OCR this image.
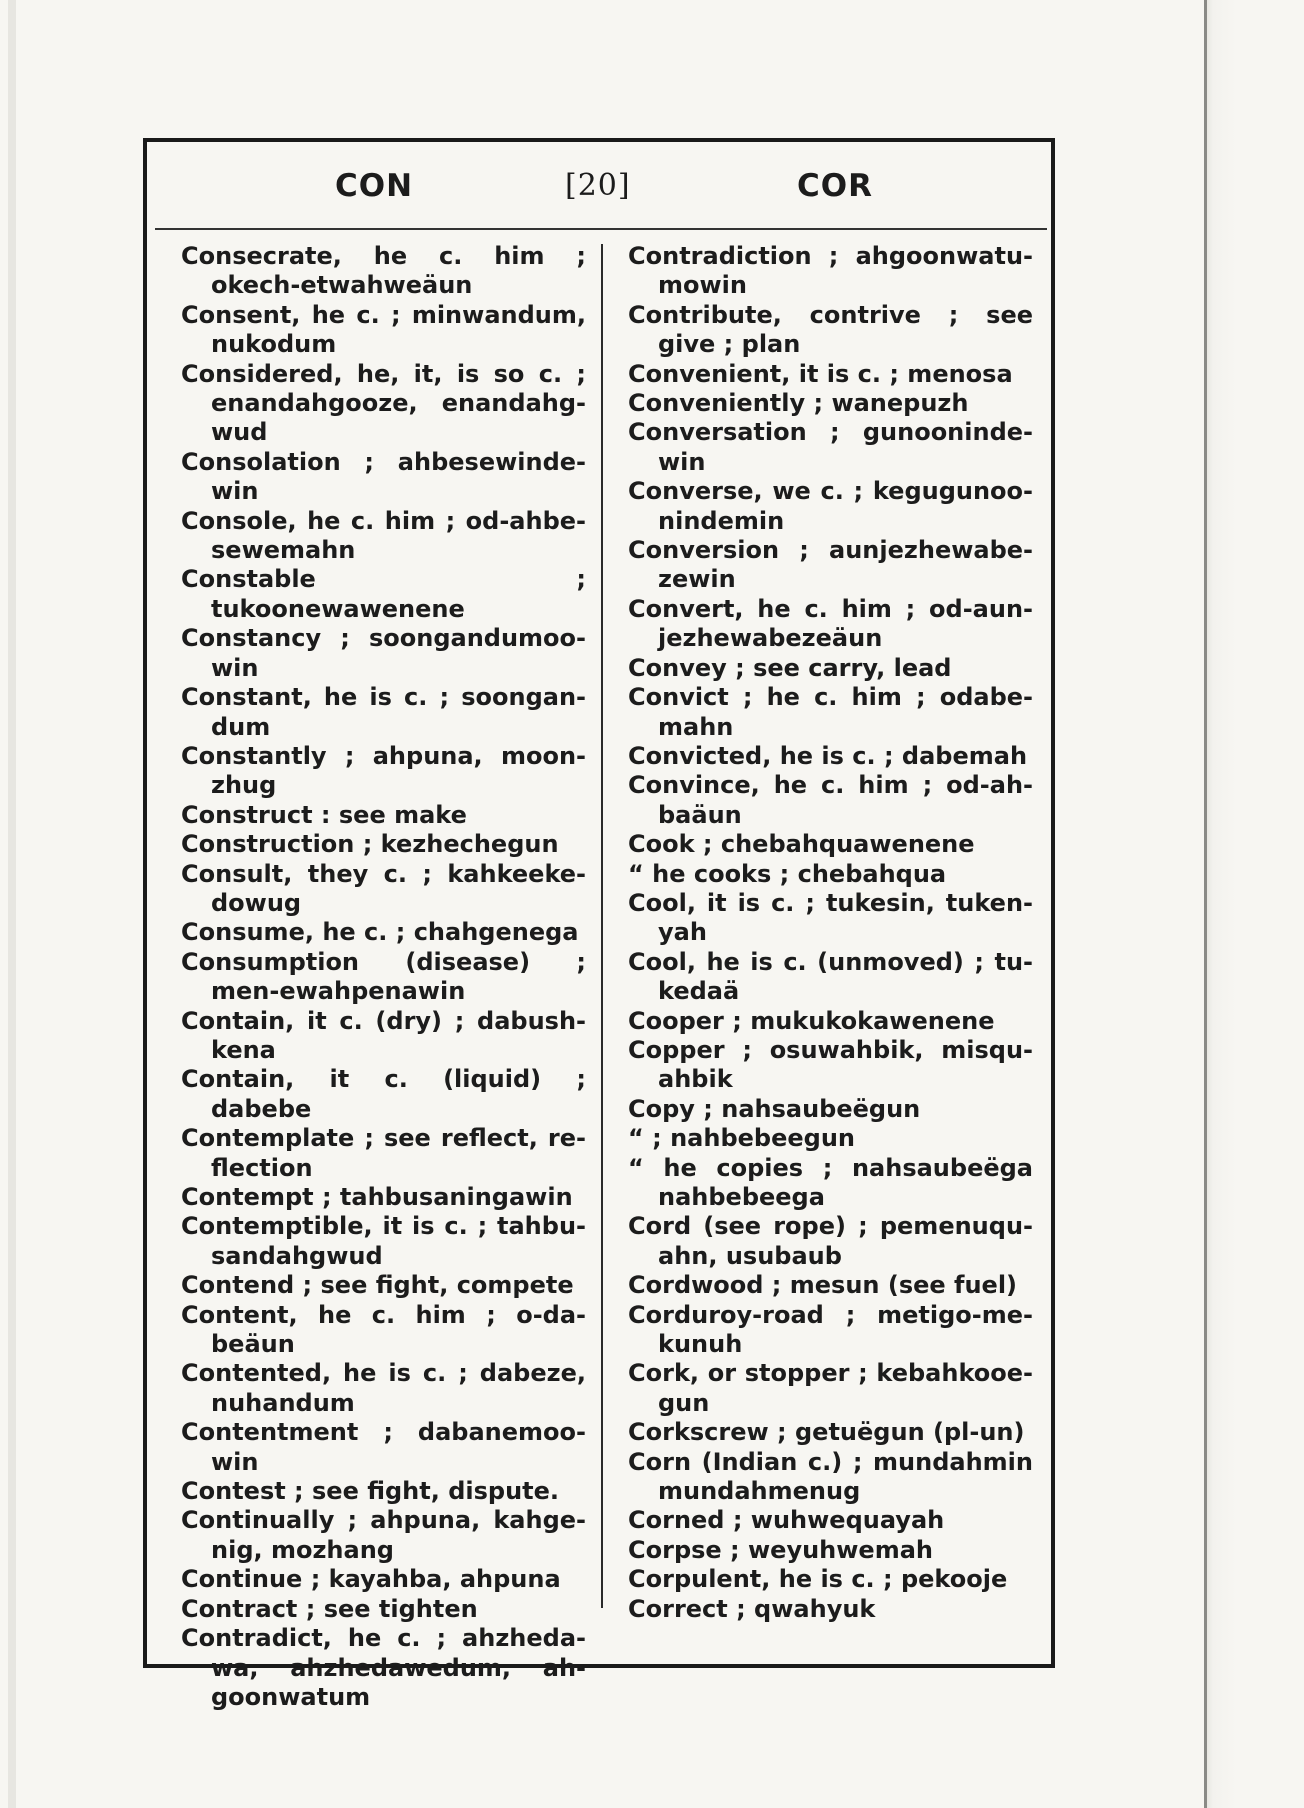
CON	[20]	COR

Consecrate, he c. him ; okech-etwahweäun

Consent, he c. ; minwandum, nukodum

Considered, he, it, is so c. ; enandahgooze, enandahg-wud

Consolation ; ahbesewinde-win

Console, he c. him ; od-ahbe-sewemahn

Constable ; tukoonewawenene

Constancy ; soongandumoo-win

Constant, he is c. ; soongan-dum

Constantly ; ahpuna, moon-zhug

Construct : see make

Construction ; kezhechegun

Consult, they c. ; kahkeeke-dowug

Consume, he c. ; chahgenega

Consumption (disease) ; men-ewahpenawin

Contain, it c. (dry) ; dabush-kena

Contain, it c. (liquid) ; dabebe

Contemplate ; see reflect, re-flection

Contempt ; tahbusaningawin

Contemptible, it is c. ; tahbu-sandahgwud

Contend ; see fight, compete

Content, he c. him ; o-da-beäun

Contented, he is c. ; dabeze, nuhandum

Contentment ; dabanemoo-win

Contest ; see fight, dispute.

Continually ; ahpuna, kahge-nig, mozhang

Continue ; kayahba, ahpuna

Contract ; see tighten

Contradict, he c. ; ahzheda-wa, ahzhedawedum, ah-goonwatum

Contradiction ; ahgoonwatu-mowin

Contribute, contrive ; see give ; plan

Convenient, it is c. ; menosa

Conveniently ; wanepuzh

Conversation ; gunooninde-win

Converse, we c. ; kegugunoo-nindemin

Conversion ; aunjezhewabe-zewin

Convert, he c. him ; od-aun-jezhewabezeäun

Convey ; see carry, lead

Convict ; he c. him ; odabe-mahn

Convicted, he is c. ; dabemah

Convince, he c. him ; od-ah-baäun

Cook ; chebahquawenene

“ he cooks ; chebahqua

Cool, it is c. ; tukesin, tuken-yah

Cool, he is c. (unmoved) ; tu-kedaä

Cooper ; mukukokawenene

Copper ; osuwahbik, misqu-ahbik

Copy ; nahsaubeëgun

“ ; nahbebeegun

“ he copies ; nahsaubeëga nahbebeega

Cord (see rope) ; pemenuqu-ahn, usubaub

Cordwood ; mesun (see fuel)

Corduroy-road ; metigo-me-kunuh

Cork, or stopper ; kebahkooe-gun

Corkscrew ; getuëgun (pl-un)

Corn (Indian c.) ; mundahmin mundahmenug

Corned ; wuhwequayah

Corpse ; weyuhwemah

Corpulent, he is c. ; pekooje

Correct ; qwahyuk
